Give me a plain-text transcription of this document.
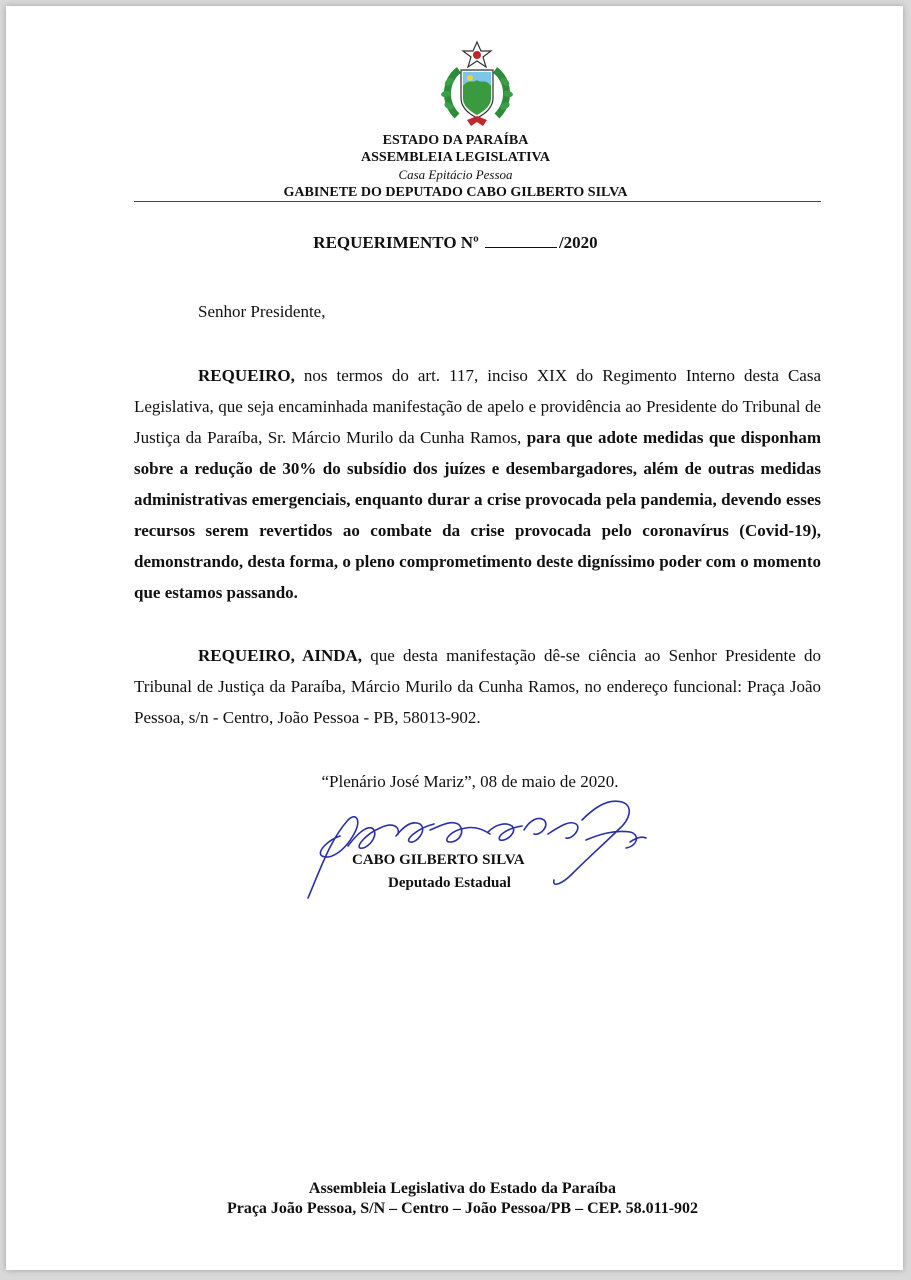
ESTADO DA PARAÍBA
ASSEMBLEIA LEGISLATIVA
Casa Epitácio Pessoa
GABINETE DO DEPUTADO CABO GILBERTO SILVA
REQUERIMENTO Nº	/2020
Senhor Presidente,
REQUEIRO, nos termos do art. 117, inciso XIX do Regimento Interno desta Casa Legislativa, que seja encaminhada manifestação de apelo e providência ao Presidente do Tribunal de Justiça da Paraíba, Sr. Márcio Murilo da Cunha Ramos, para que adote medidas que disponham sobre a redução de 30% do subsídio dos juízes e desembargadores, além de outras medidas administrativas emergenciais, enquanto durar a crise provocada pela pandemia, devendo esses recursos serem revertidos ao combate da crise provocada pelo coronavírus (Covid-19), demonstrando, desta forma, o pleno comprometimento deste digníssimo poder com o momento que estamos passando.
REQUEIRO, AINDA, que desta manifestação dê-se ciência ao Senhor Presidente do Tribunal de Justiça da Paraíba, Márcio Murilo da Cunha Ramos, no endereço funcional: Praça João Pessoa, s/n - Centro, João Pessoa - PB, 58013-902.
“Plenário José Mariz”, 08 de maio de 2020.
CABO GILBERTO SILVA
Deputado Estadual
Assembleia Legislativa do Estado da Paraíba
Praça João Pessoa, S/N – Centro – João Pessoa/PB – CEP. 58.011-902
